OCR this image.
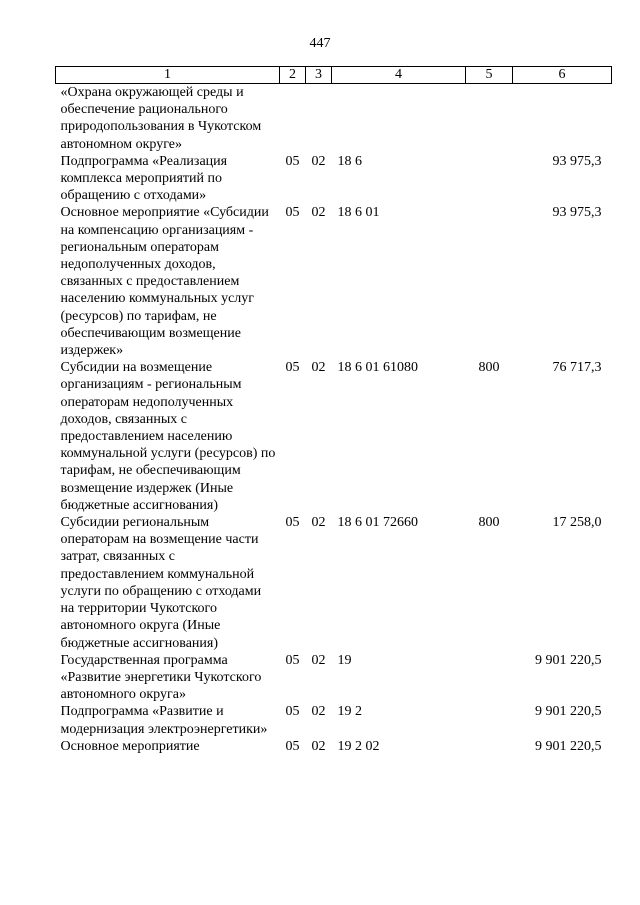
447
1	2	3	4	5	6
«Охрана окружающей среды и обеспечение рационального природопользования в Чукотском автономном округе»					
Подпрограмма «Реализация комплекса мероприятий по обращению с отходами»	05	02	18 6		93 975,3
Основное мероприятие «Субсидии на компенсацию организациям - региональным операторам недополученных доходов, связанных с предоставлением населению коммунальных услуг (ресурсов) по тарифам, не обеспечивающим возмещение издержек»	05	02	18 6 01		93 975,3
Субсидии на возмещение организациям - региональным операторам недополученных доходов, связанных с предоставлением населению коммунальной услуги (ресурсов) по тарифам, не обеспечивающим возмещение издержек (Иные бюджетные ассигнования)	05	02	18 6 01 61080	800	76 717,3
Субсидии региональным операторам на возмещение части затрат, связанных с предоставлением коммунальной услуги по обращению с отходами на территории Чукотского автономного округа (Иные бюджетные ассигнования)	05	02	18 6 01 72660	800	17 258,0
Государственная программа «Развитие энергетики Чукотского автономного округа»	05	02	19		9 901 220,5
Подпрограмма «Развитие и модернизация электроэнергетики»	05	02	19 2		9 901 220,5
Основное мероприятие	05	02	19 2 02		9 901 220,5
